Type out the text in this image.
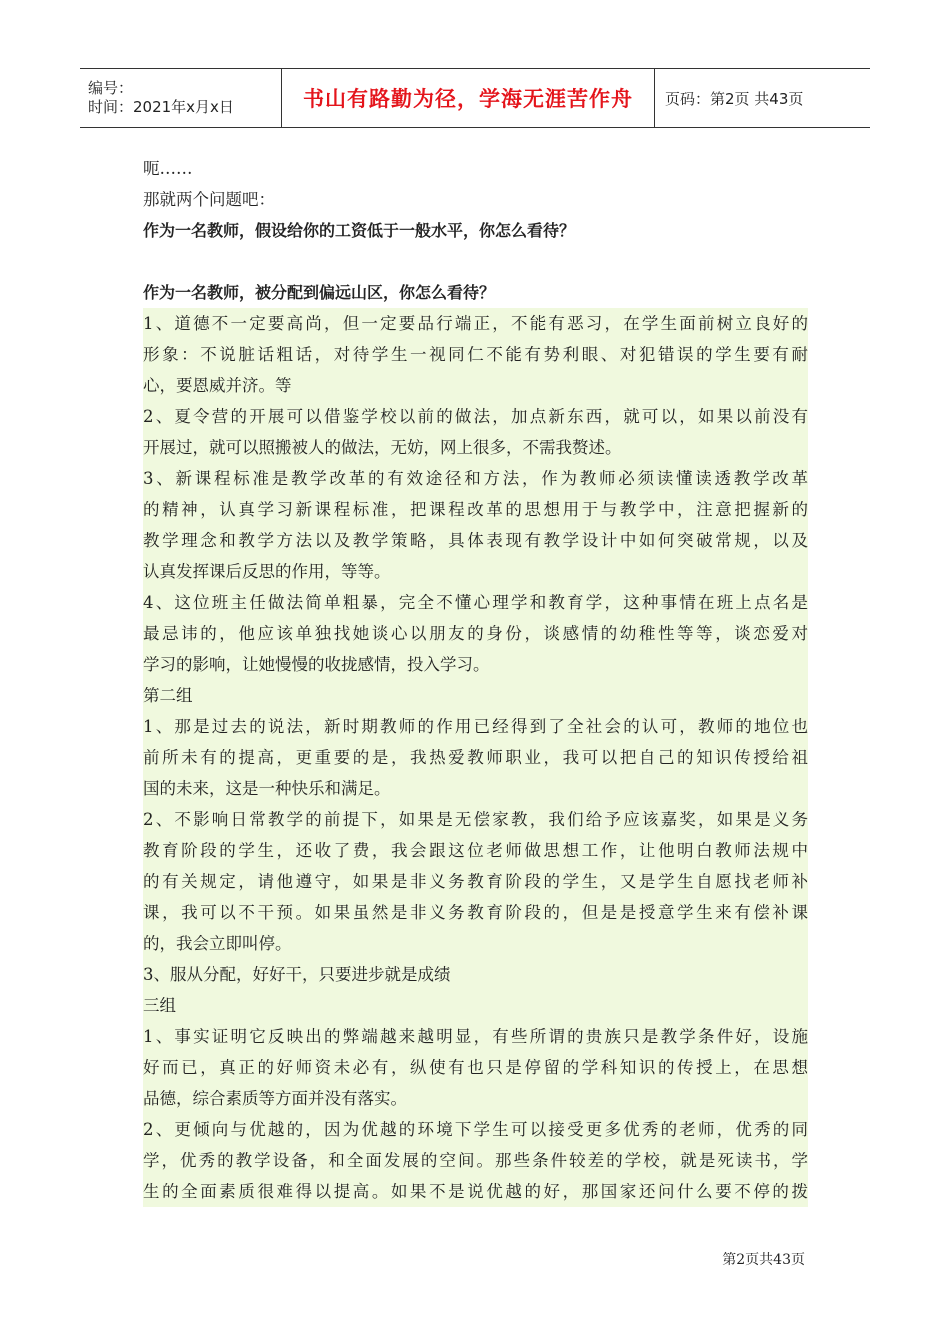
编号：
时间：2021年x月x日	书山有路勤为径，学海无涯苦作舟 页码：第2页 共43页
呃……
那就两个问题吧：
作为一名教师，假设给你的工资低于一般水平，你怎么看待？
作为一名教师，被分配到偏远山区，你怎么看待？
1、道德不一定要高尚，但一定要品行端正，不能有恶习，在学生面前树立良好的
形象：不说脏话粗话，对待学生一视同仁不能有势利眼、对犯错误的学生要有耐
心，要恩威并济。等
2、夏令营的开展可以借鉴学校以前的做法，加点新东西，就可以，如果以前没有
开展过，就可以照搬被人的做法，无妨，网上很多，不需我赘述。
3、新课程标准是教学改革的有效途径和方法，作为教师必须读懂读透教学改革
的精神，认真学习新课程标准，把课程改革的思想用于与教学中，注意把握新的
教学理念和教学方法以及教学策略，具体表现有教学设计中如何突破常规，以及
认真发挥课后反思的作用，等等。
4、这位班主任做法简单粗暴，完全不懂心理学和教育学，这种事情在班上点名是
最忌讳的，他应该单独找她谈心以朋友的身份，谈感情的幼稚性等等，谈恋爱对
学习的影响，让她慢慢的收拢感情，投入学习。
第二组
1、那是过去的说法，新时期教师的作用已经得到了全社会的认可，教师的地位也
前所未有的提高，更重要的是，我热爱教师职业，我可以把自己的知识传授给祖
国的未来，这是一种快乐和满足。
2、不影响日常教学的前提下，如果是无偿家教，我们给予应该嘉奖，如果是义务
教育阶段的学生，还收了费，我会跟这位老师做思想工作，让他明白教师法规中
的有关规定，请他遵守，如果是非义务教育阶段的学生，又是学生自愿找老师补
课，我可以不干预。如果虽然是非义务教育阶段的，但是是授意学生来有偿补课
的，我会立即叫停。
3、服从分配，好好干，只要进步就是成绩
三组
1、事实证明它反映出的弊端越来越明显，有些所谓的贵族只是教学条件好，设施
好而已，真正的好师资未必有，纵使有也只是停留的学科知识的传授上，在思想
品德，综合素质等方面并没有落实。
2、更倾向与优越的，因为优越的环境下学生可以接受更多优秀的老师，优秀的同
学，优秀的教学设备，和全面发展的空间。那些条件较差的学校，就是死读书，学
生的全面素质很难得以提高。如果不是说优越的好，那国家还问什么要不停的拨
第2页共43页
